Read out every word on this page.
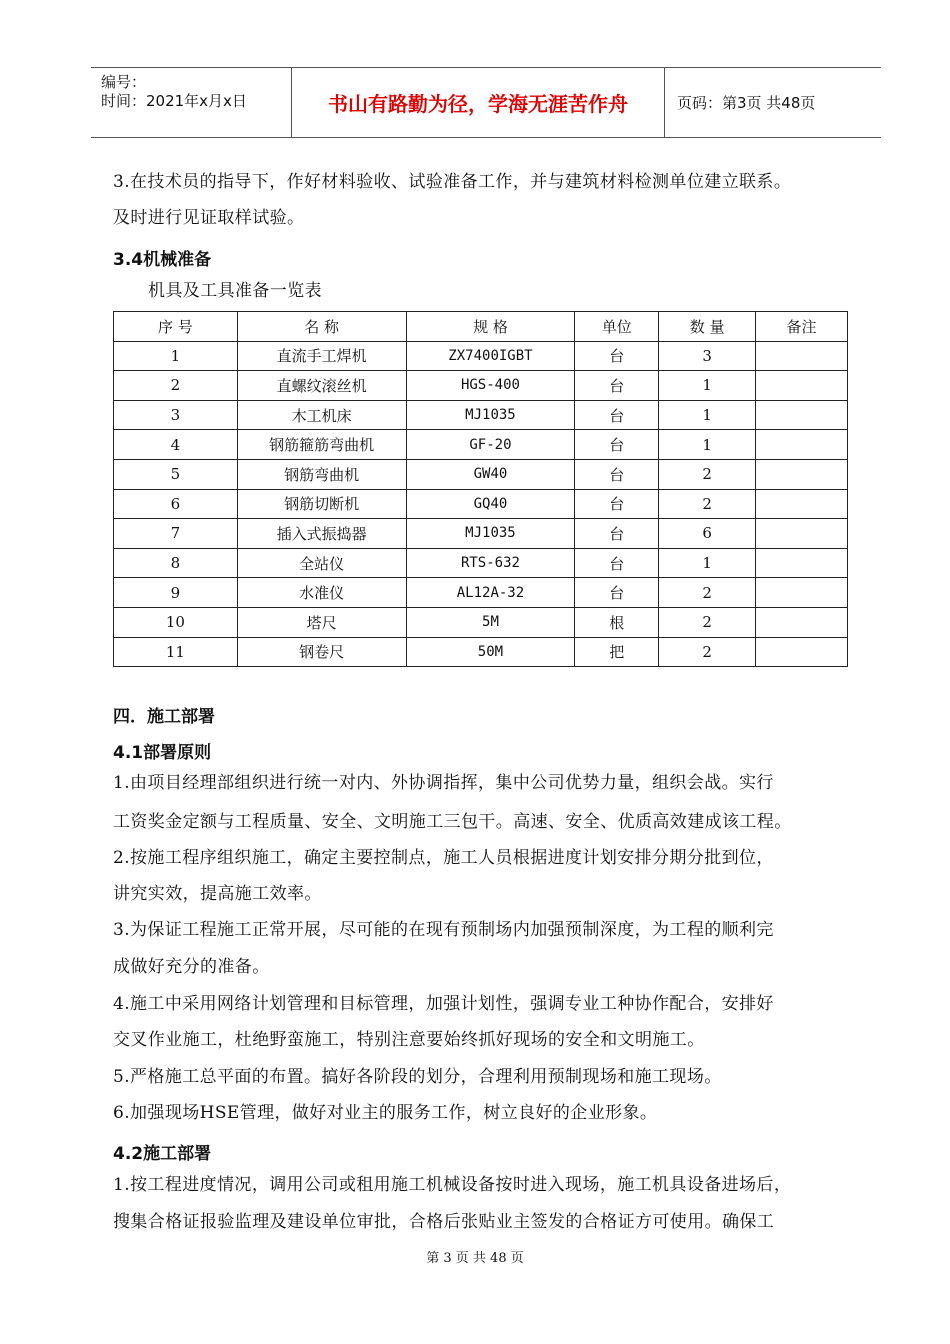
编号：
时间：2021年x月x日	书山有路勤为径，学海无涯苦作舟	页码：第3页 共48页
3.在技术员的指导下，作好材料验收、试验准备工作，并与建筑材料检测单位建立联系。
及时进行见证取样试验。
3.4机械准备
机具及工具准备一览表
序 号	名 称	规 格	单位	数 量	备注
1	直流手工焊机	ZX7400IGBT	台	3	
2	直螺纹滚丝机	HGS-400	台	1	
3	木工机床	MJ1035	台	1	
4	钢筋箍筋弯曲机	GF-20	台	1	
5	钢筋弯曲机	GW40	台	2	
6	钢筋切断机	GQ40	台	2	
7	插入式振捣器	MJ1035	台	6	
8	全站仪	RTS-632	台	1	
9	水准仪	AL12A-32	台	2	
10	塔尺	5M	根	2	
11	钢卷尺	50M	把	2	
四．施工部署
4.1部署原则
1.由项目经理部组织进行统一对内、外协调指挥，集中公司优势力量，组织会战。实行
工资奖金定额与工程质量、安全、文明施工三包干。高速、安全、优质高效建成该工程。
2.按施工程序组织施工，确定主要控制点，施工人员根据进度计划安排分期分批到位，
讲究实效，提高施工效率。
3.为保证工程施工正常开展，尽可能的在现有预制场内加强预制深度，为工程的顺利完
成做好充分的准备。
4.施工中采用网络计划管理和目标管理，加强计划性，强调专业工种协作配合，安排好
交叉作业施工，杜绝野蛮施工，特别注意要始终抓好现场的安全和文明施工。
5.严格施工总平面的布置。搞好各阶段的划分，合理利用预制现场和施工现场。
6.加强现场HSE管理，做好对业主的服务工作，树立良好的企业形象。
4.2施工部署
1.按工程进度情况，调用公司或租用施工机械设备按时进入现场，施工机具设备进场后，
搜集合格证报验监理及建设单位审批，合格后张贴业主签发的合格证方可使用。确保工
第 3 页 共 48 页
